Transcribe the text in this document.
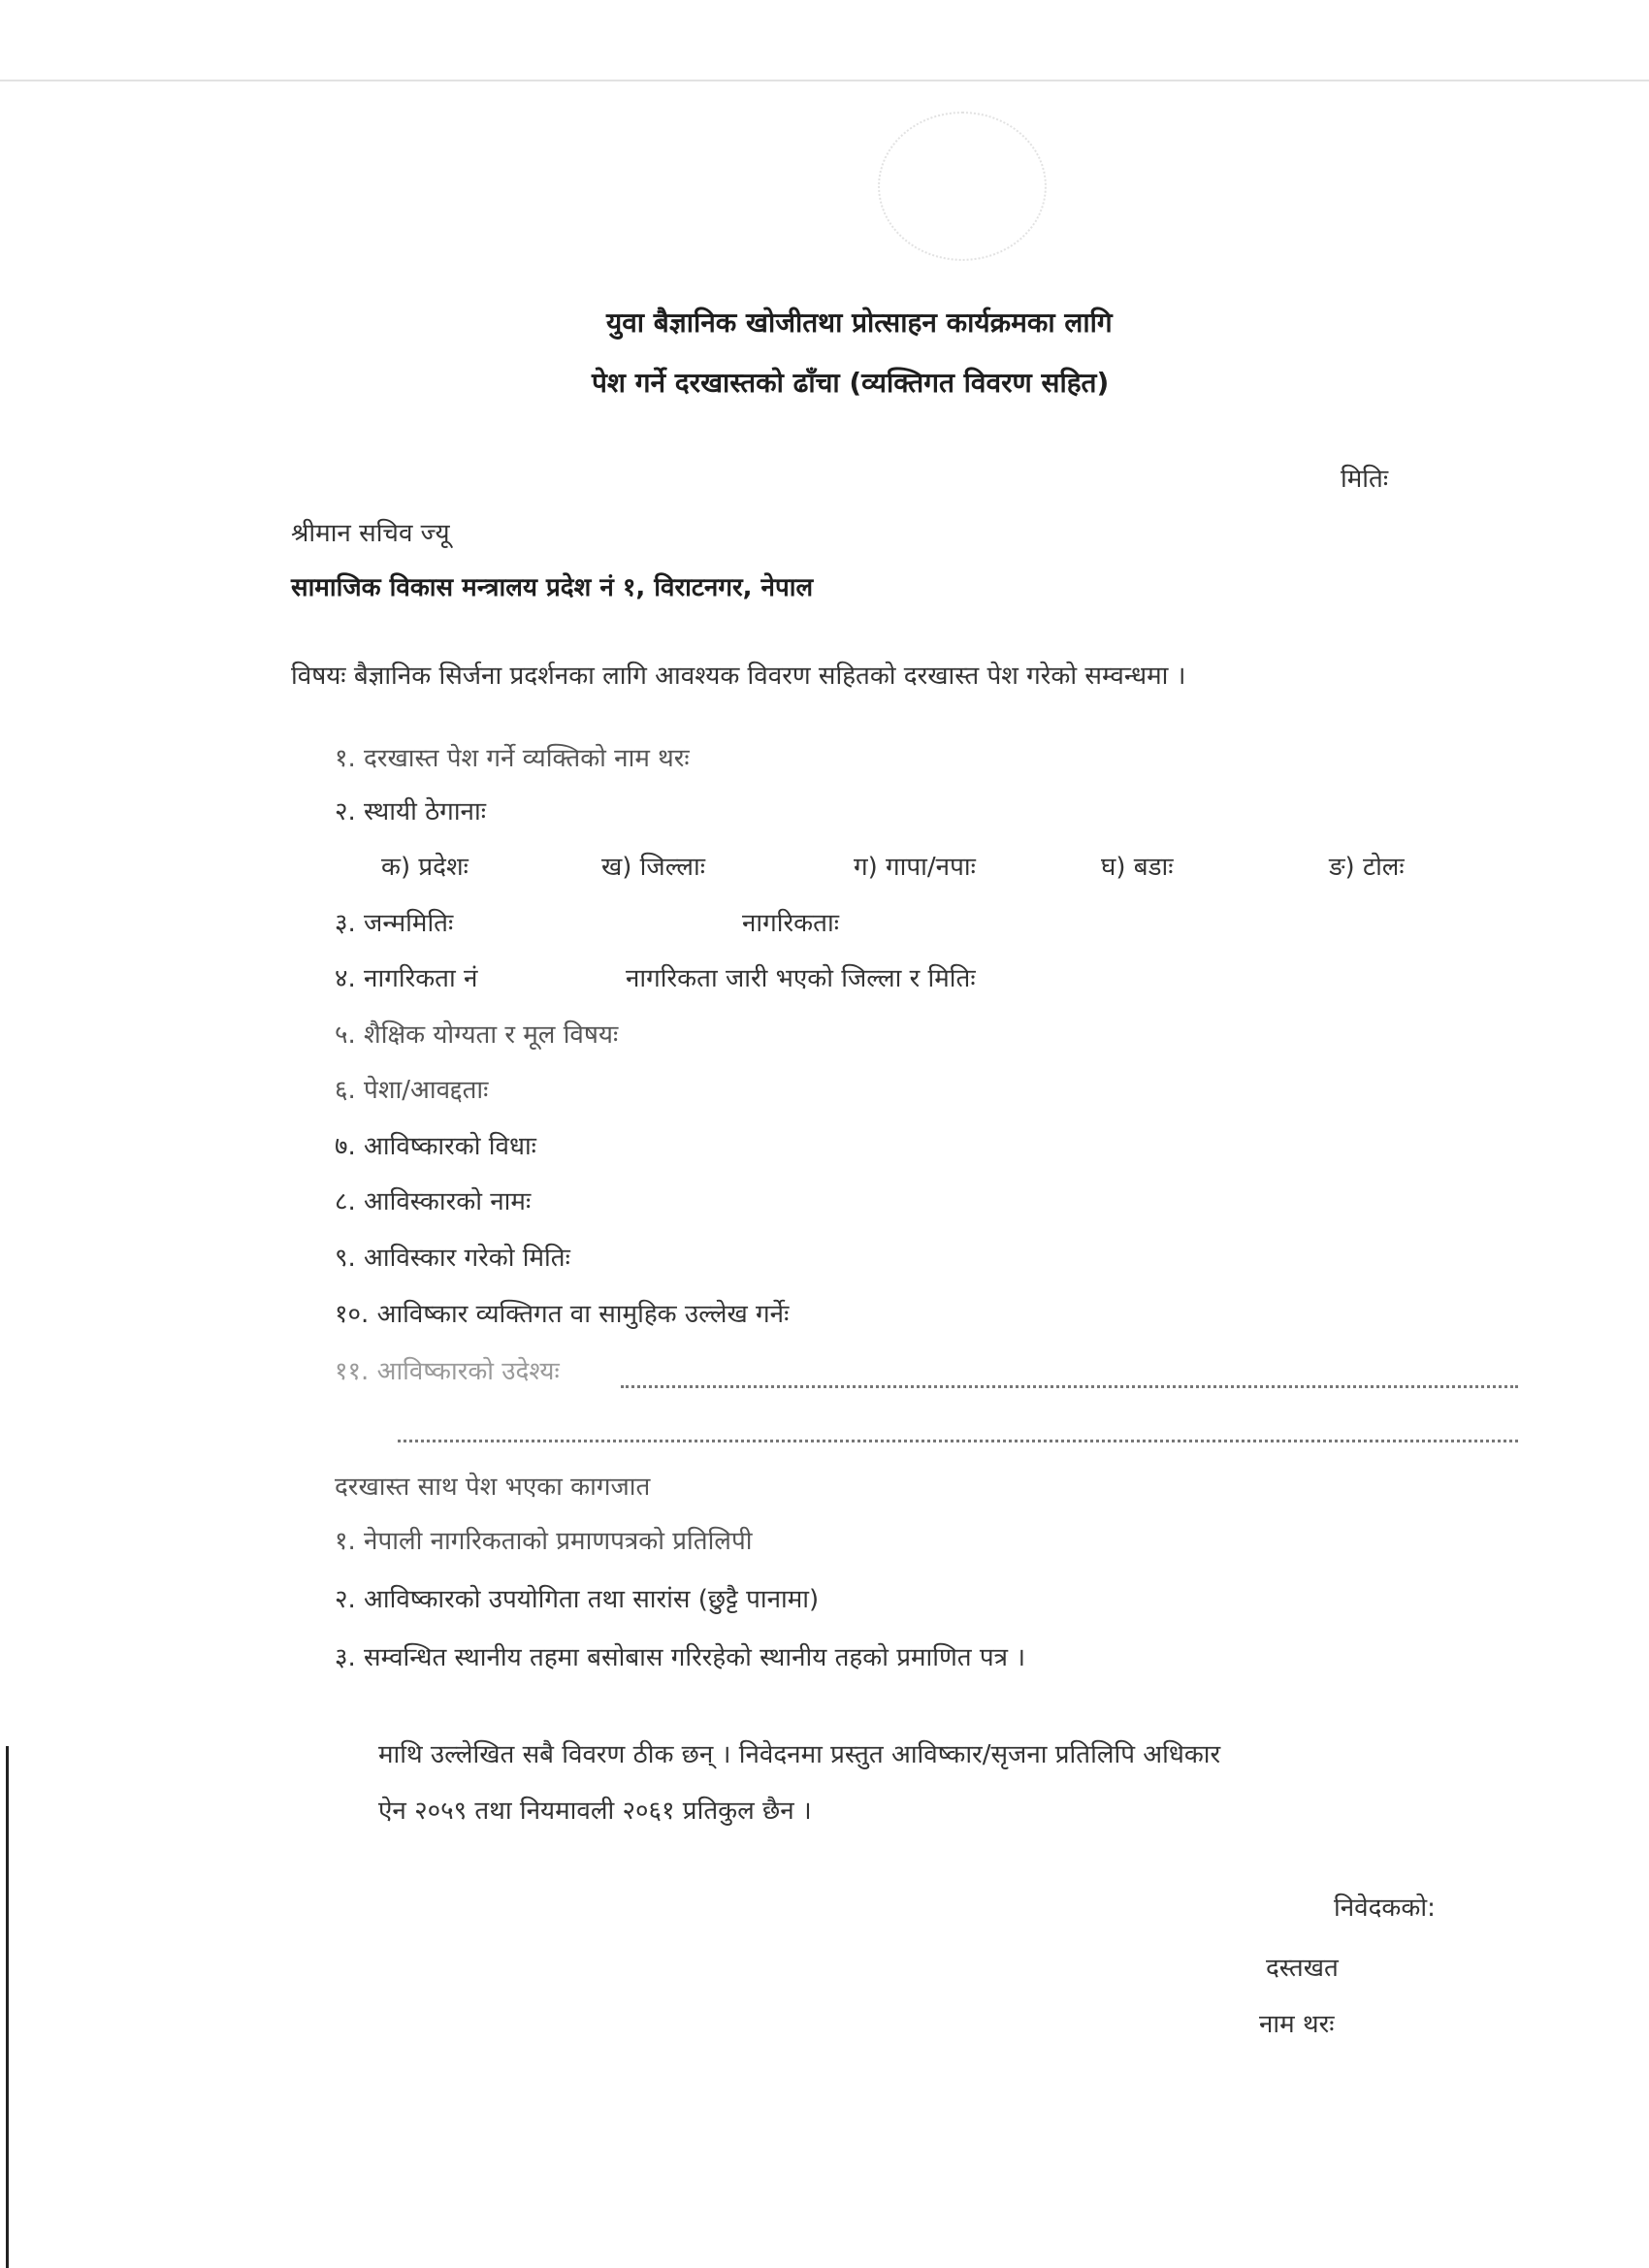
युवा बैज्ञानिक खोजीतथा प्रोत्साहन कार्यक्रमका लागि
पेश गर्ने दरखास्तको ढाँचा (व्यक्तिगत विवरण सहित)
मितिः
श्रीमान सचिव ज्यू
सामाजिक विकास मन्त्रालय प्रदेश नं १, विराटनगर, नेपाल
विषयः बैज्ञानिक सिर्जना प्रदर्शनका लागि आवश्यक विवरण सहितको दरखास्त पेश गरेको सम्वन्धमा ।
१. दरखास्त पेश गर्ने व्यक्तिको नाम थरः
२. स्थायी ठेगानाः
क) प्रदेशः	ख) जिल्लाः	ग) गापा/नपाः	घ) बडाः	ङ) टोलः
३. जन्ममितिः	नागरिकताः
४. नागरिकता नं	नागरिकता जारी भएको जिल्ला र मितिः
५. शैक्षिक योग्यता र मूल विषयः
६. पेशा/आवद्दताः
७. आविष्कारको विधाः
८. आविस्कारको नामः
९. आविस्कार गरेको मितिः
१०. आविष्कार व्यक्तिगत वा सामुहिक उल्लेख गर्नेः
११. आविष्कारको उदेश्यः
दरखास्त साथ पेश भएका कागजात
१. नेपाली नागरिकताको प्रमाणपत्रको प्रतिलिपी
२. आविष्कारको उपयोगिता तथा सारांस (छुट्टै पानामा)
३. सम्वन्धित स्थानीय तहमा बसोबास गरिरहेको स्थानीय तहको प्रमाणित पत्र ।
माथि उल्लेखित सबै विवरण ठीक छन् । निवेदनमा प्रस्तुत आविष्कार/सृजना प्रतिलिपि अधिकार
ऐन २०५९ तथा नियमावली २०६१ प्रतिकुल छैन ।
निवेदकको:
दस्तखत
नाम थरः
